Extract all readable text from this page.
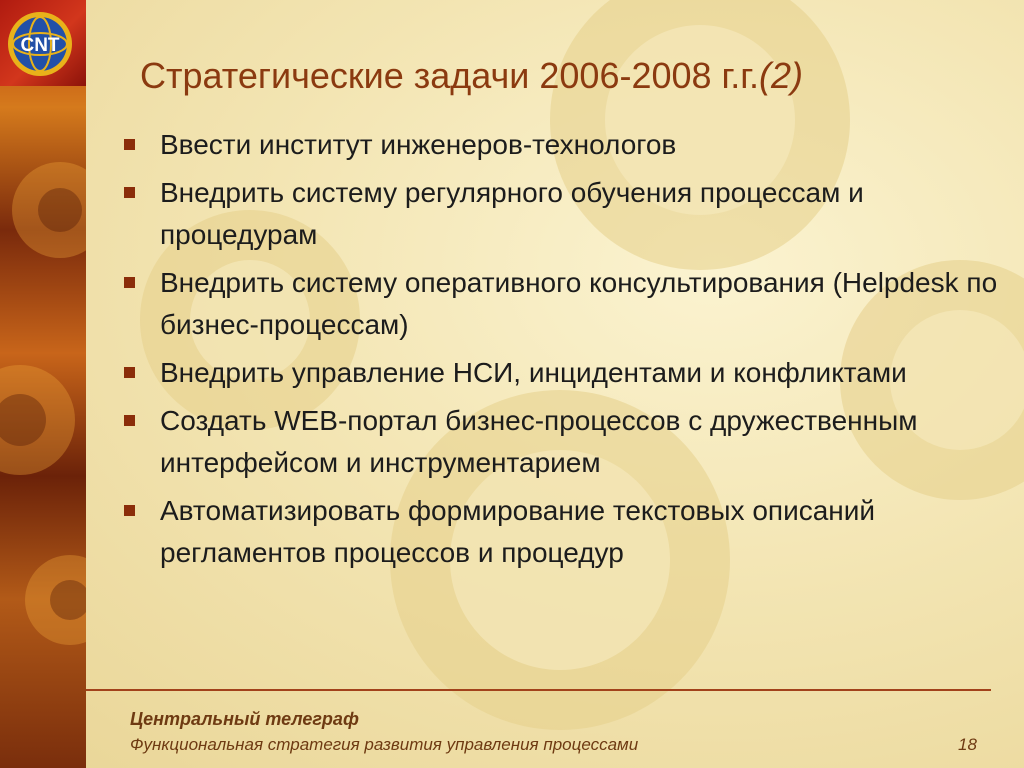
CNT
Стратегические задачи 2006-2008 г.г.(2)
Ввести институт инженеров-технологов
Внедрить систему регулярного обучения процессам и процедурам
Внедрить систему оперативного консультирования (Helpdesk по бизнес-процессам)
Внедрить управление НСИ, инцидентами и конфликтами
Создать WEB-портал бизнес-процессов с дружественным интерфейсом и инструментарием
Автоматизировать формирование текстовых описаний регламентов процессов и процедур
Центральный телеграф
Функциональная стратегия развития управления процессами	18
